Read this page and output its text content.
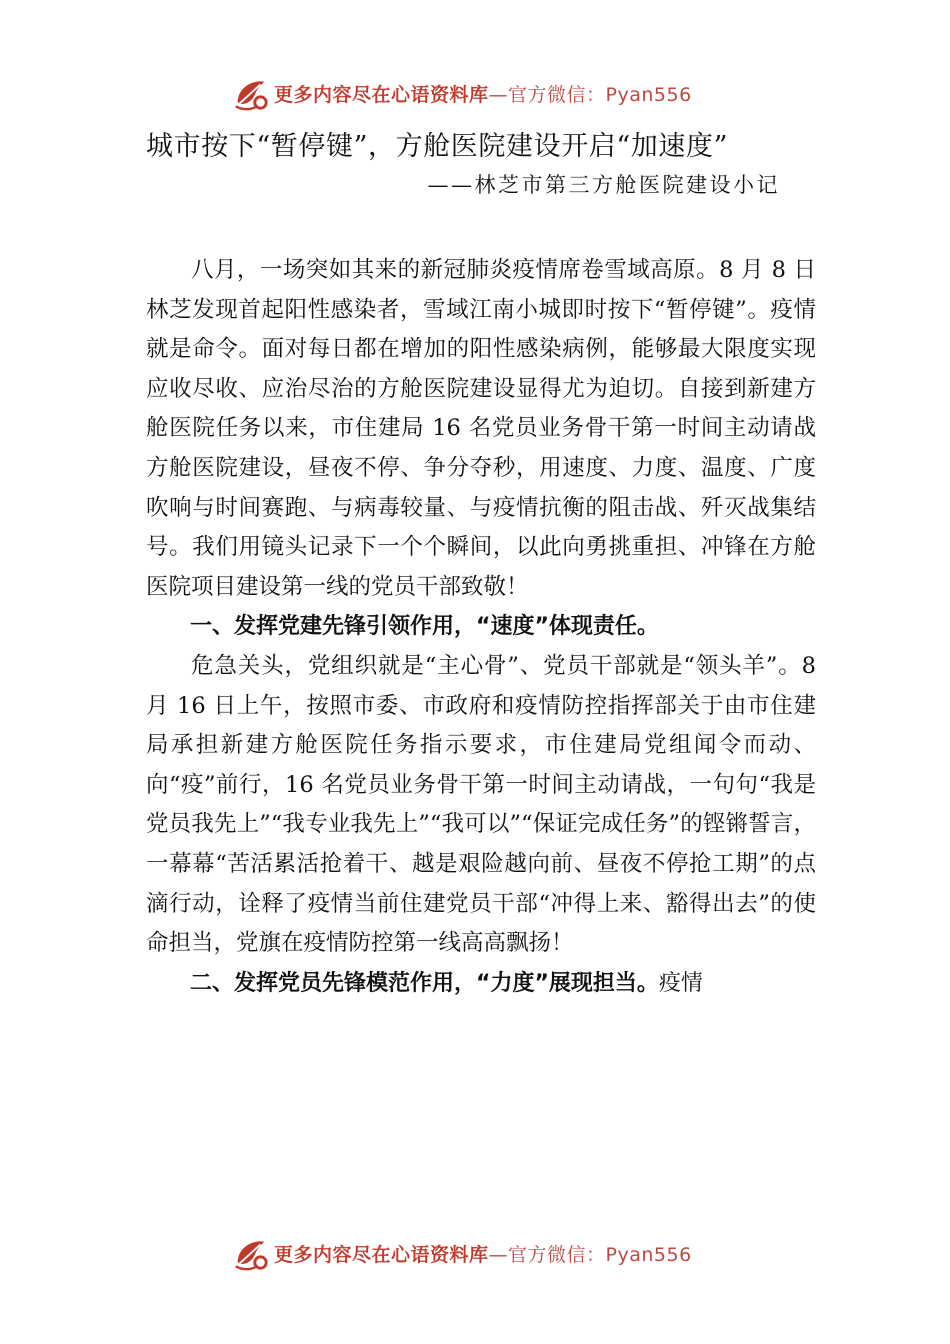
更多内容尽在心语资料库 —官方微信：Pyan556
城市按下“暂停键”，方舱医院建设开启“加速度”
——林芝市第三方舱医院建设小记

八月，一场突如其来的新冠肺炎疫情席卷雪域高原。8 月 8 日林芝发现首起阳性感染者，雪域江南小城即时按下“暂停键”。疫情就是命令。面对每日都在增加的阳性感染病例，能够最大限度实现应收尽收、应治尽治的方舱医院建设显得尤为迫切。自接到新建方舱医院任务以来，市住建局 16 名党员业务骨干第一时间主动请战方舱医院建设，昼夜不停、争分夺秒，用速度、力度、温度、广度吹响与时间赛跑、与病毒较量、与疫情抗衡的阻击战、歼灭战集结号。我们用镜头记录下一个个瞬间，以此向勇挑重担、冲锋在方舱医院项目建设第一线的党员干部致敬！

一、发挥党建先锋引领作用，“速度”体现责任。

危急关头，党组织就是“主心骨”、党员干部就是“领头羊”。8 月 16 日上午，按照市委、市政府和疫情防控指挥部关于由市住建局承担新建方舱医院任务指示要求，市住建局党组闻令而动、向“疫”前行，16 名党员业务骨干第一时间主动请战，一句句“我是党员我先上”“我专业我先上”“我可以”“保证完成任务”的铿锵誓言，一幕幕“苦活累活抢着干、越是艰险越向前、昼夜不停抢工期”的点滴行动，诠释了疫情当前住建党员干部“冲得上来、豁得出去”的使命担当，党旗在疫情防控第一线高高飘扬！

二、发挥党员先锋模范作用，“力度”展现担当。疫情

更多内容尽在心语资料库 —官方微信：Pyan556
